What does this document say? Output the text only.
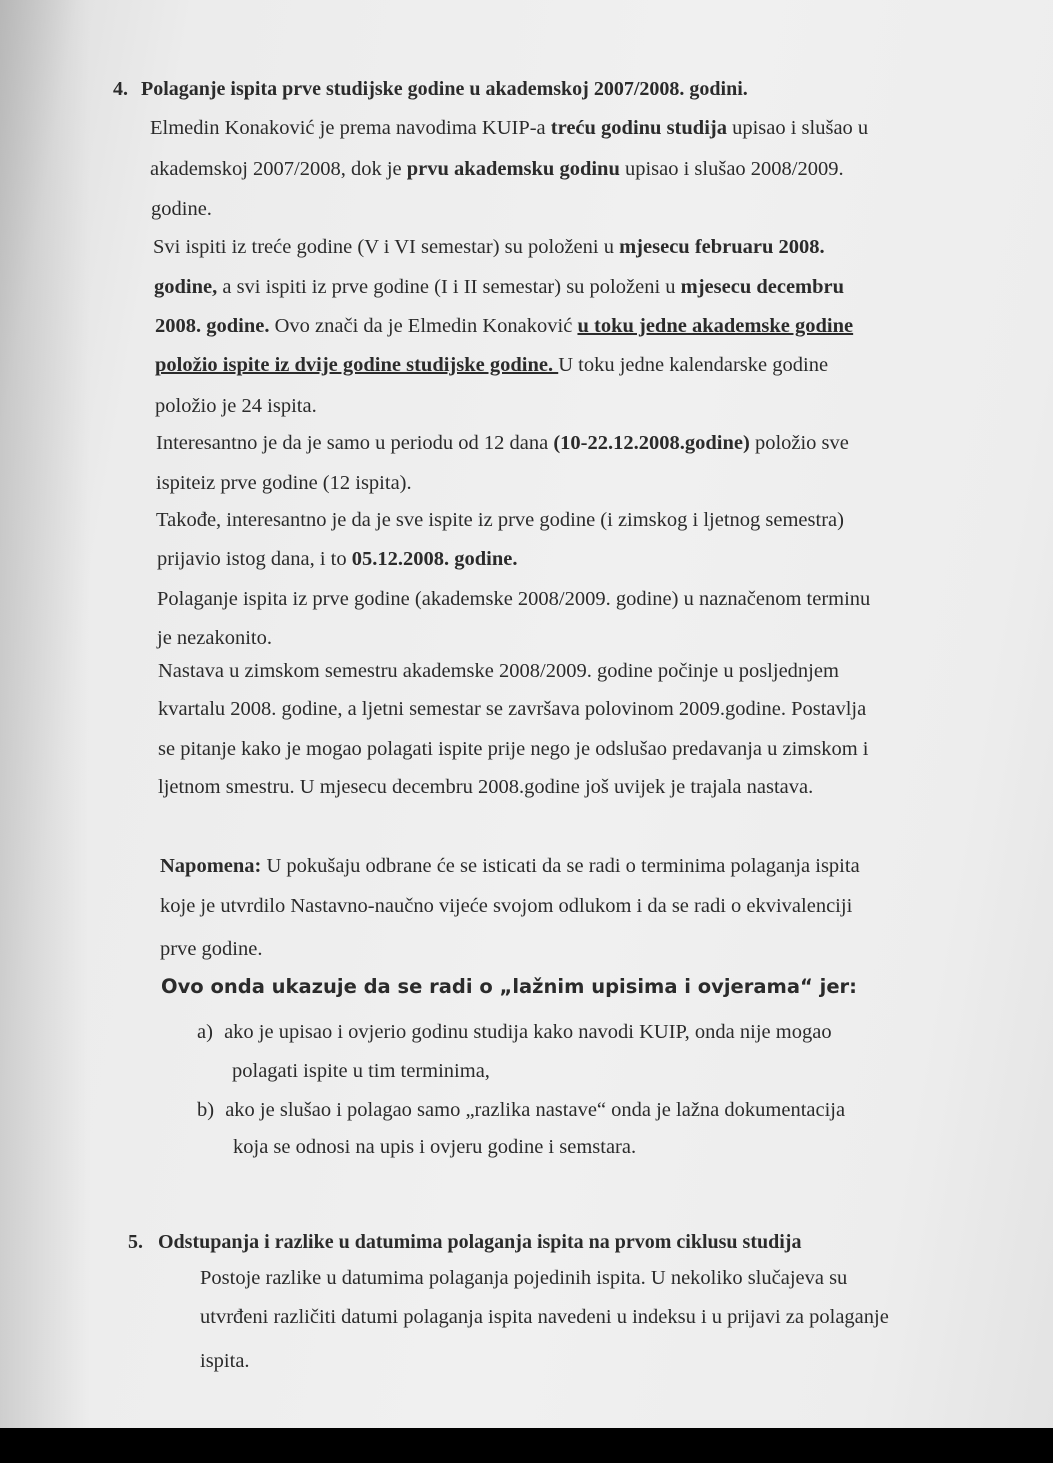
4. Polaganje ispita prve studijske godine u akademskoj 2007/2008. godini.
Elmedin Konaković je prema navodima KUIP-a treću godinu studija upisao i slušao u
akademskoj 2007/2008, dok je prvu akademsku godinu upisao i slušao 2008/2009.
godine.
Svi ispiti iz treće godine (V i VI semestar) su položeni u mjesecu februaru 2008.
godine, a svi ispiti iz prve godine (I i II semestar) su položeni u mjesecu decembru
2008. godine. Ovo znači da je Elmedin Konaković u toku jedne akademske godine
položio ispite iz dvije godine studijske godine. U toku jedne kalendarske godine
položio je 24 ispita.
Interesantno je da je samo u periodu od 12 dana (10-22.12.2008.godine) položio sve
ispiteiz prve godine (12 ispita).
Takođe, interesantno je da je sve ispite iz prve godine (i zimskog i ljetnog semestra)
prijavio istog dana, i to 05.12.2008. godine.
Polaganje ispita iz prve godine (akademske 2008/2009. godine) u naznačenom terminu
je nezakonito.
Nastava u zimskom semestru akademske 2008/2009. godine počinje u posljednjem
kvartalu 2008. godine, a ljetni semestar se završava polovinom 2009.godine. Postavlja
se pitanje kako je mogao polagati ispite prije nego je odslušao predavanja u zimskom i
ljetnom smestru. U mjesecu decembru 2008.godine još uvijek je trajala nastava.
Napomena: U pokušaju odbrane će se isticati da se radi o terminima polaganja ispita
koje je utvrdilo Nastavno-naučno vijeće svojom odlukom i da se radi o ekvivalenciji
prve godine.
Ovo onda ukazuje da se radi o „lažnim upisima i ovjerama“ jer:
a) ako je upisao i ovjerio godinu studija kako navodi KUIP, onda nije mogao
polagati ispite u tim terminima,
b) ako je slušao i polagao samo „razlika nastave“ onda je lažna dokumentacija
koja se odnosi na upis i ovjeru godine i semstara.
5. Odstupanja i razlike u datumima polaganja ispita na prvom ciklusu studija
Postoje razlike u datumima polaganja pojedinih ispita. U nekoliko slučajeva su
utvrđeni različiti datumi polaganja ispita navedeni u indeksu i u prijavi za polaganje
ispita.
